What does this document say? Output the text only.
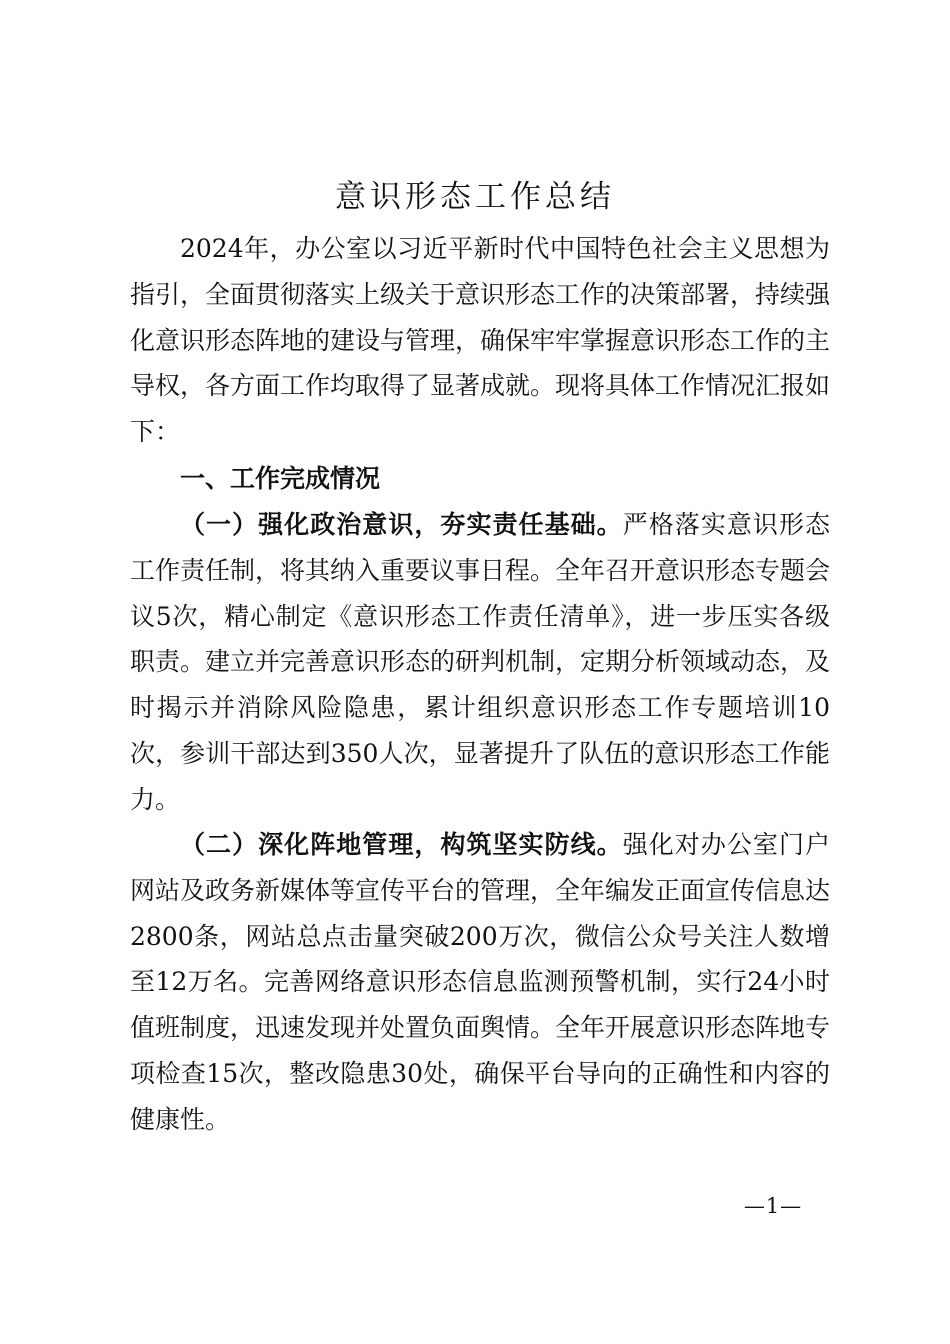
意识形态工作总结

2024年，办公室以习近平新时代中国特色社会主义思想为指引，全面贯彻落实上级关于意识形态工作的决策部署，持续强化意识形态阵地的建设与管理，确保牢牢掌握意识形态工作的主导权，各方面工作均取得了显著成就。现将具体工作情况汇报如下：

一、工作完成情况

（一）强化政治意识，夯实责任基础。严格落实意识形态工作责任制，将其纳入重要议事日程。全年召开意识形态专题会议5次，精心制定《意识形态工作责任清单》，进一步压实各级职责。建立并完善意识形态的研判机制，定期分析领域动态，及时揭示并消除风险隐患，累计组织意识形态工作专题培训10次，参训干部达到350人次，显著提升了队伍的意识形态工作能力。

（二）深化阵地管理，构筑坚实防线。强化对办公室门户网站及政务新媒体等宣传平台的管理，全年编发正面宣传信息达2800条，网站总点击量突破200万次，微信公众号关注人数增至12万名。完善网络意识形态信息监测预警机制，实行24小时值班制度，迅速发现并处置负面舆情。全年开展意识形态阵地专项检查15次，整改隐患30处，确保平台导向的正确性和内容的健康性。

—1—
